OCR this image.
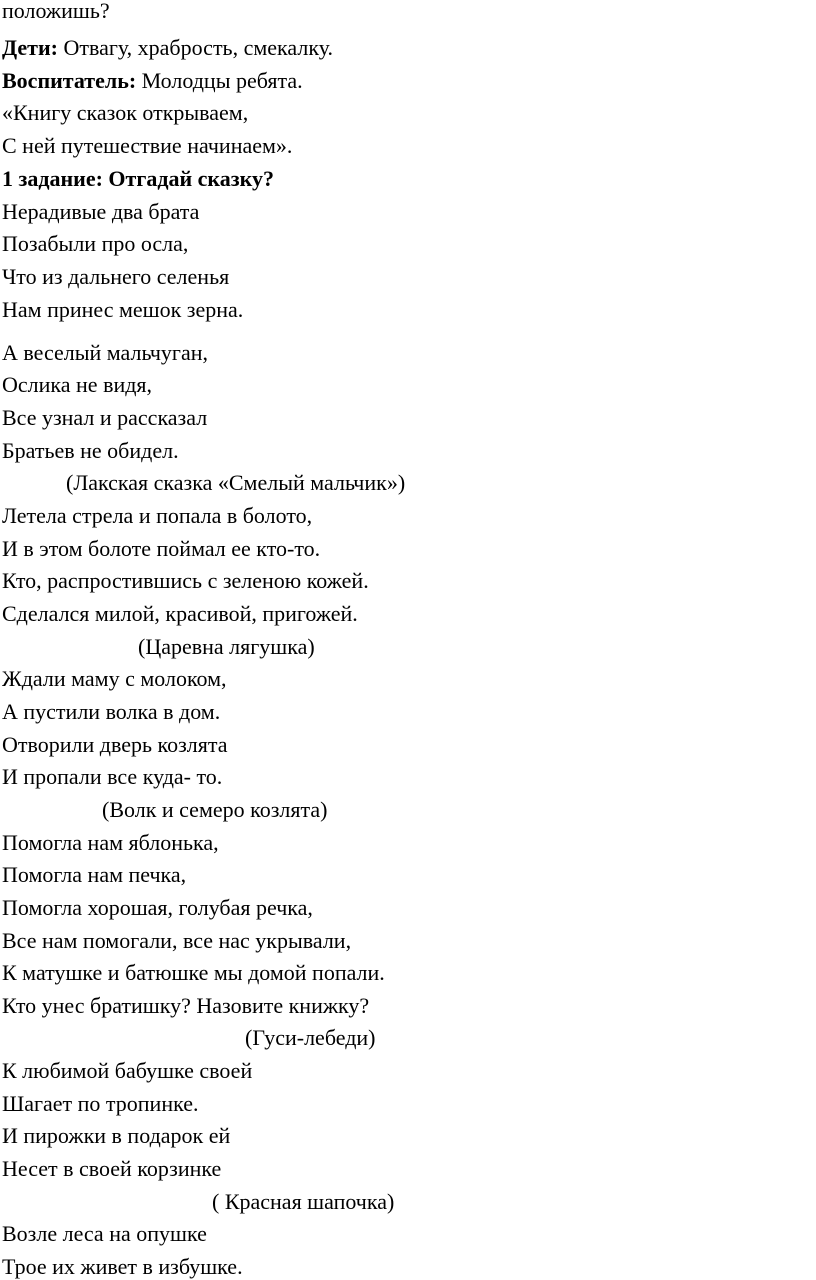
положишь?
Дети: Отвагу, храбрость, смекалку.
Воспитатель: Молодцы ребята.
«Книгу сказок открываем,
С ней путешествие начинаем».
1 задание: Отгадай сказку?
Нерадивые два брата
Позабыли про осла,
Что из дальнего селенья
Нам принес мешок зерна.
А веселый мальчуган,
Ослика не видя,
Все узнал и рассказал
Братьев не обидел.
(Лакская сказка «Смелый мальчик»)
Летела стрела и попала в болото,
И в этом болоте поймал ее кто-то.
Кто, распростившись с зеленою кожей.
Сделался милой, красивой, пригожей.
(Царевна лягушка)
Ждали маму с молоком,
А пустили волка в дом.
Отворили дверь козлята
И пропали все куда- то.
(Волк и семеро козлята)
Помогла нам яблонька,
Помогла нам печка,
Помогла хорошая, голубая речка,
Все нам помогали, все нас укрывали,
К матушке и батюшке мы домой попали.
Кто унес братишку? Назовите книжку?
(Гуси-лебеди)
К любимой бабушке своей
Шагает по тропинке.
И пирожки в подарок ей
Несет в своей корзинке
( Красная шапочка)
Возле леса на опушке
Трое их живет в избушке.
